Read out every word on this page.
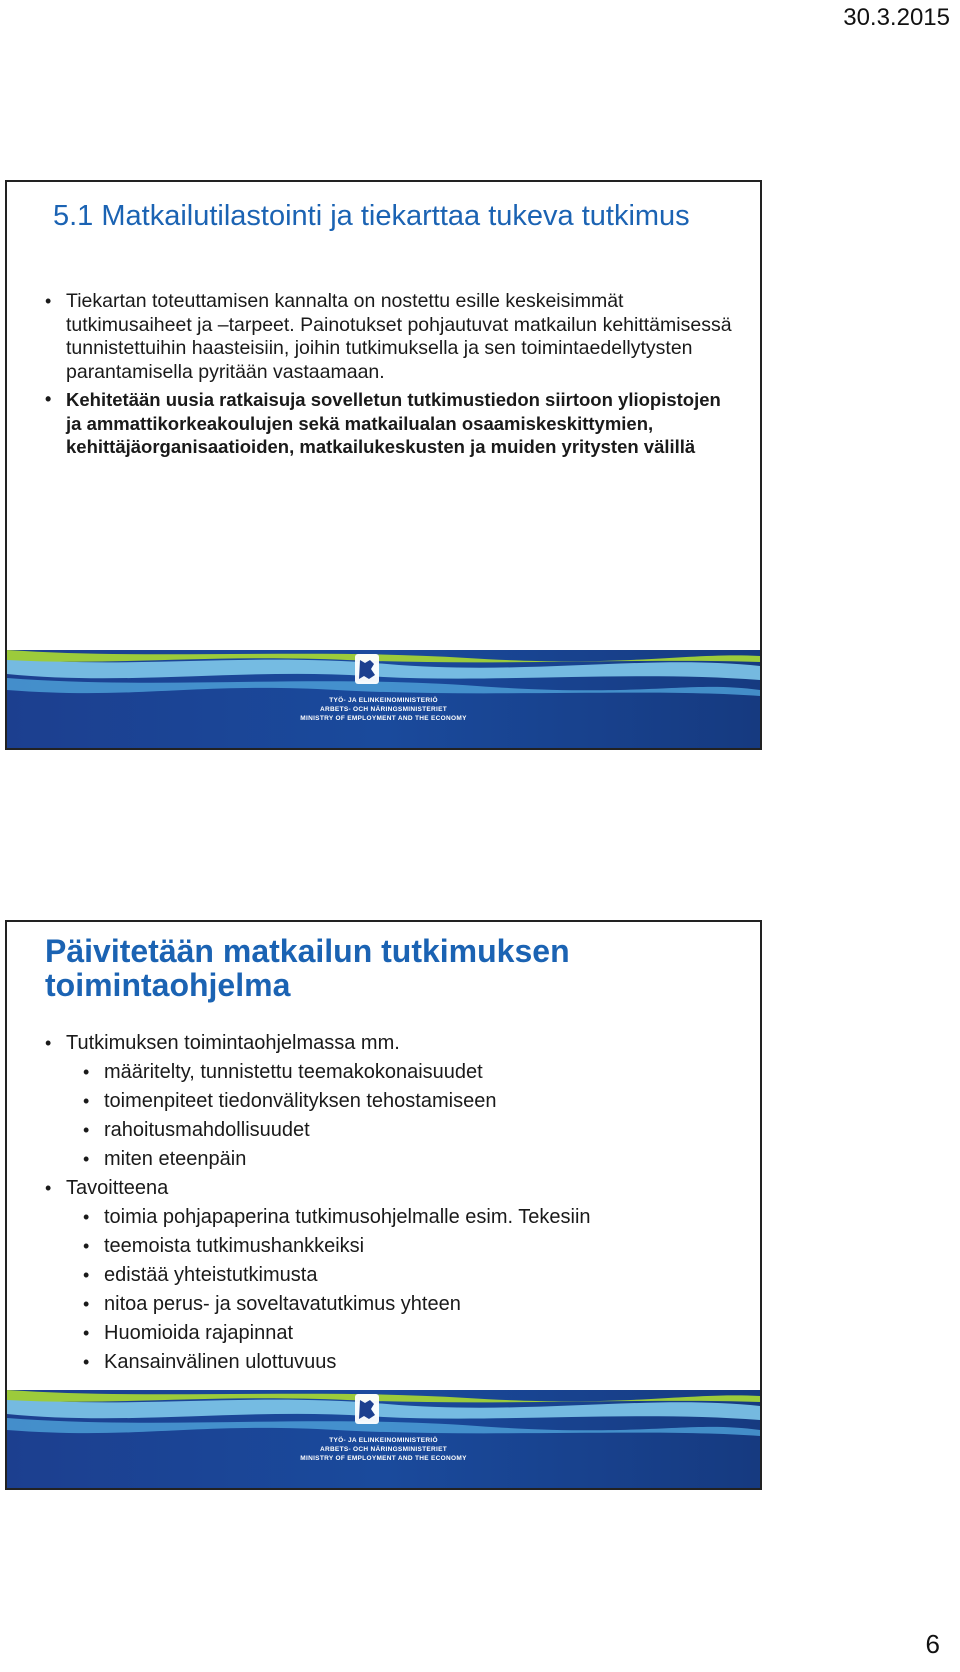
30.3.2015
5.1 Matkailutilastointi ja tiekarttaa tukeva tutkimus
• Tiekartan toteuttamisen kannalta on nostettu esille keskeisimmät tutkimusaiheet ja –tarpeet. Painotukset pohjautuvat matkailun kehittämisessä tunnistettuihin haasteisiin, joihin tutkimuksella ja sen toimintaedellytysten parantamisella pyritään vastaamaan.
• Kehitetään uusia ratkaisuja sovelletun tutkimustiedon siirtoon yliopistojen ja ammattikorkeakoulujen sekä matkailualan osaamiskeskittymien, kehittäjäorganisaatioiden, matkailukeskusten ja muiden yritysten välillä
TYÖ- JA ELINKEINOMINISTERIÖ
ARBETS- OCH NÄRINGSMINISTERIET
MINISTRY OF EMPLOYMENT AND THE ECONOMY
Päivitetään matkailun tutkimuksen toimintaohjelma
• Tutkimuksen toimintaohjelmassa mm.
• määritelty, tunnistettu teemakokonaisuudet
• toimenpiteet tiedonvälityksen tehostamiseen
• rahoitusmahdollisuudet
• miten eteenpäin
• Tavoitteena
• toimia pohjapaperina tutkimusohjelmalle esim. Tekesiin
• teemoista tutkimushankkeiksi
• edistää yhteistutkimusta
• nitoa perus- ja soveltavatutkimus yhteen
• Huomioida rajapinnat
• Kansainvälinen ulottuvuus
TYÖ- JA ELINKEINOMINISTERIÖ
ARBETS- OCH NÄRINGSMINISTERIET
MINISTRY OF EMPLOYMENT AND THE ECONOMY
6
